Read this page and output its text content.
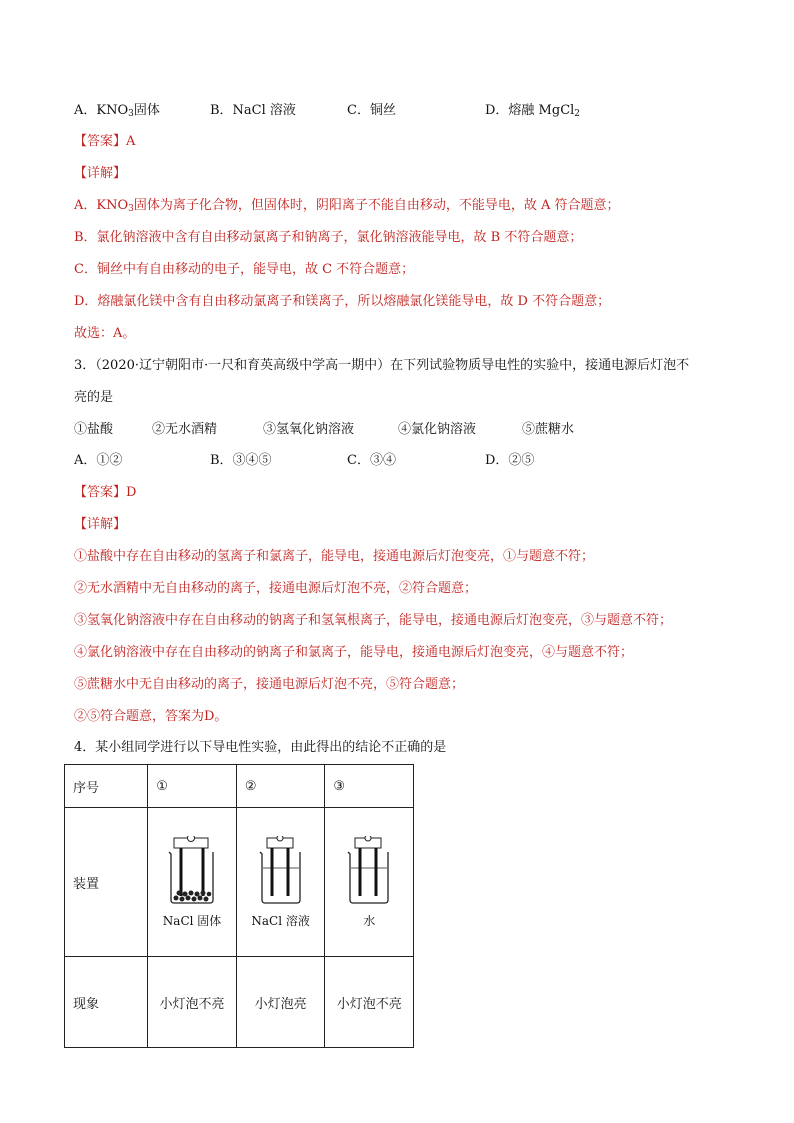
A．$KNO_3$固体	B．NaCl 溶液	C．铜丝	D．熔融 MgCl$_2$
【答案】A
【详解】
A．$KNO_3$固体为离子化合物，但固体时，阴阳离子不能自由移动，不能导电，故 A 符合题意；
B．氯化钠溶液中含有自由移动氯离子和钠离子，氯化钠溶液能导电，故 B 不符合题意；
C．铜丝中有自由移动的电子，能导电，故 C 不符合题意；
D．熔融氯化镁中含有自由移动氯离子和镁离子，所以熔融氯化镁能导电，故 D 不符合题意；
故选：A。
3．（2020·辽宁朝阳市·一尺和育英高级中学高一期中）在下列试验物质导电性的实验中，接通电源后灯泡不
亮的是
①盐酸	②无水酒精	③氢氧化钠溶液	④氯化钠溶液	⑤蔗糖水
A．①②	B．③④⑤	C．③④	D．②⑤
【答案】D
【详解】
①盐酸中存在自由移动的氢离子和氯离子，能导电，接通电源后灯泡变亮，①与题意不符；
②无水酒精中无自由移动的离子，接通电源后灯泡不亮，②符合题意；
③氢氧化钠溶液中存在自由移动的钠离子和氢氧根离子，能导电，接通电源后灯泡变亮，③与题意不符；
④氯化钠溶液中存在自由移动的钠离子和氯离子，能导电，接通电源后灯泡变亮，④与题意不符；
⑤蔗糖水中无自由移动的离子，接通电源后灯泡不亮，⑤符合题意；
②⑤符合题意，答案为D。
4．某小组同学进行以下导电性实验，由此得出的结论不正确的是
序号	①	②	③
装置	NaCl 固体	NaCl 溶液	水

现象	小灯泡不亮	小灯泡亮	小灯泡不亮
